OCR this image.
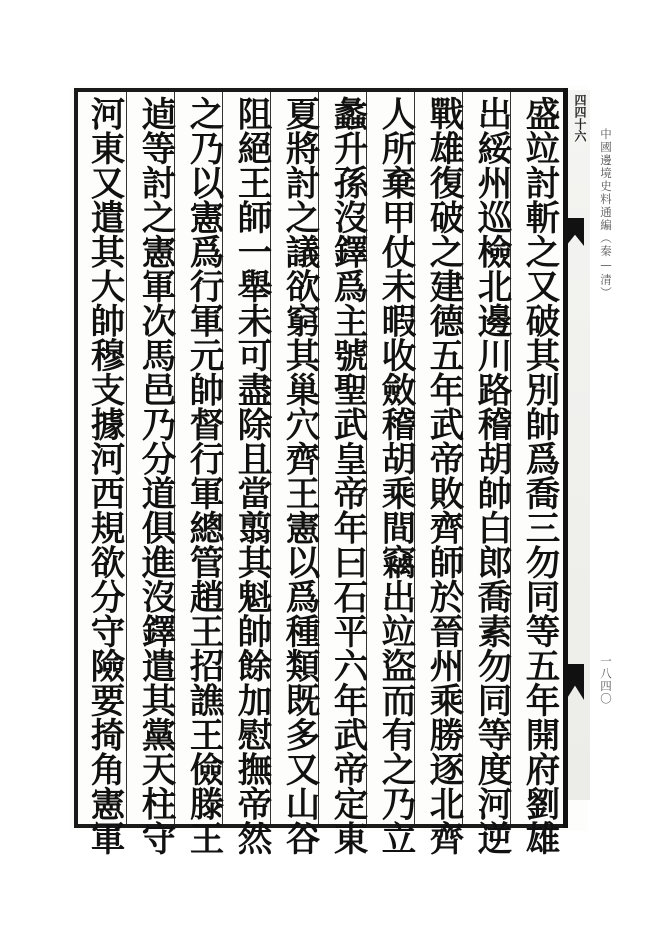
四四十六
盛竝討斬之又破其別帥爲喬三勿同等五年開府劉雄
出綏州巡檢北邊川路稽胡帥白郎喬素勿同等度河逆
戰雄復破之建德五年武帝敗齊師於晉州乘勝逐北齊
人所棄甲仗未暇收斂稽胡乘間竊出竝盜而有之乃立
蠡升孫沒鐸爲主號聖武皇帝年曰石平六年武帝定東
夏將討之議欲窮其巢穴齊王憲以爲種類既多又山谷
阻絕王師一舉未可盡除且當翦其魁帥餘加慰撫帝然
之乃以憲爲行軍元帥督行軍總管趙王招譙王儉滕王
逌等討之憲軍次馬邑乃分道俱進沒鐸遣其黨天柱守
河東又遣其大帥穆支據河西規欲分守險要掎角憲軍	中國邊境史料通編（秦—清）
一八四〇
